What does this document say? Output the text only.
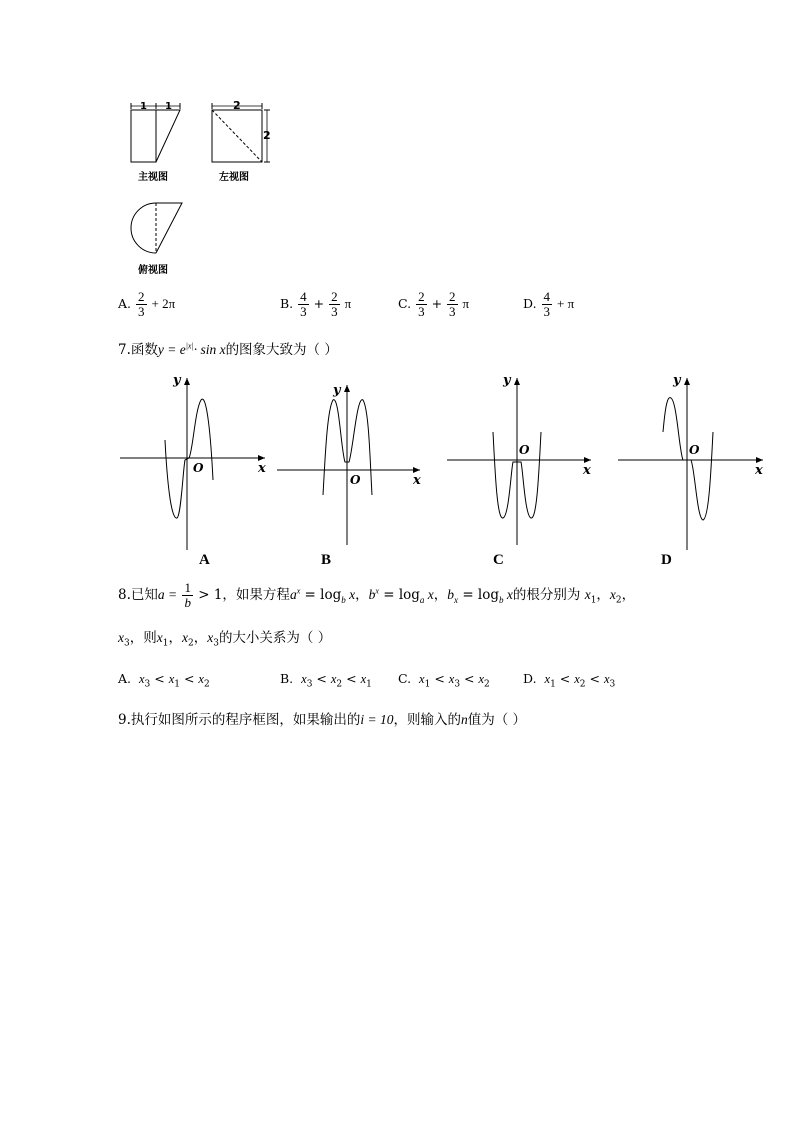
1 1	2
2
主视图	左视图
俯视图
A. $\frac{2}{3} + 2\pi$	B. $\frac{4}{3} + \frac{2}{3}$ π	C. $\frac{2}{3} + \frac{2}{3}$ π	D. $\frac{4}{3} + \pi$
7.函数$y = e^{|x|}\cdot \sin x$的图象大致为（ ）
y
x
O
y
x
O
y
x
O
y
x
O
A	B	C	D
8.已知$a = \frac{1}{b} > 1$，如果方程$a^x = \log_b x$，$b^x = \log_a x$，$b_x = \log_b x$的根分别为 $x_1$，$x_2$，
$x_3$，则$x_1$，$x_2$，$x_3$的大小关系为（ ）
A. $x_3 < x_1 < x_2$	B. $x_3 < x_2 < x_1$ C. $x_1 < x_3 < x_2$	D. $x_1 < x_2 < x_3$
9.执行如图所示的程序框图，如果输出的i = 10，则输入的n值为（ ）
